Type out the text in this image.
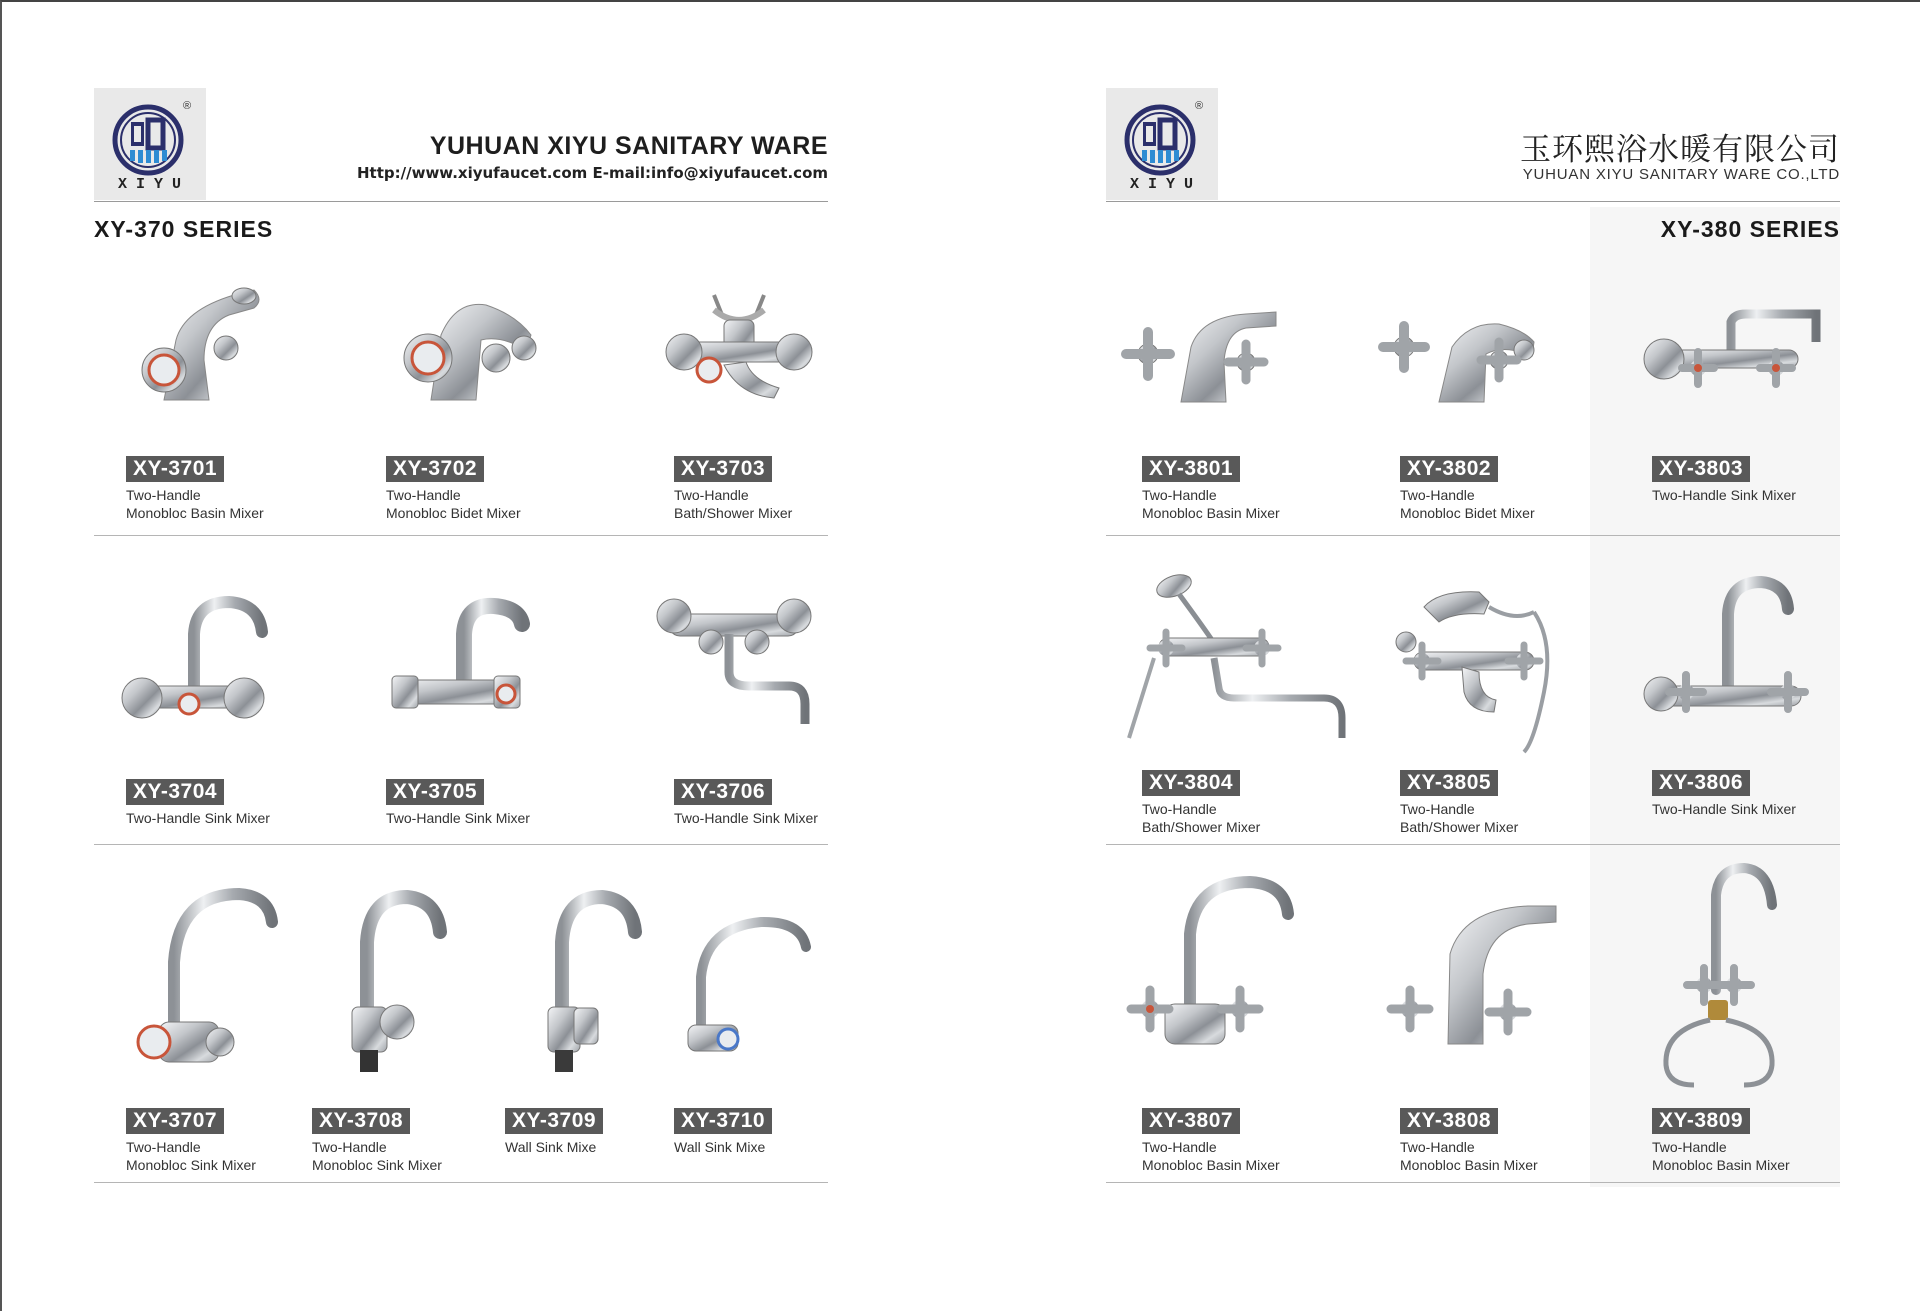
®
XIYU
YUHUAN XIYU SANITARY WARE
Http://www.xiyufaucet.com E-mail:info@xiyufaucet.com
XY-370 SERIES
XY-3701
Two-Handle
Monobloc Basin Mixer
XY-3702
Two-Handle
Monobloc Bidet Mixer
XY-3703
Two-Handle
Bath/Shower Mixer
XY-3704
Two-Handle Sink Mixer
XY-3705
Two-Handle Sink Mixer
XY-3706
Two-Handle Sink Mixer
XY-3707
Two-Handle
Monobloc Sink Mixer
XY-3708
Two-Handle
Monobloc Sink Mixer
XY-3709
Wall Sink Mixe
XY-3710
Wall Sink Mixe
®
XIYU
玉环熙浴水暖有限公司
YUHUAN XIYU SANITARY WARE CO.,LTD
XY-380 SERIES
XY-3801
Two-Handle
Monobloc Basin Mixer
XY-3802
Two-Handle
Monobloc Bidet Mixer
XY-3803
Two-Handle Sink Mixer
XY-3804
Two-Handle
Bath/Shower Mixer
XY-3805
Two-Handle
Bath/Shower Mixer
XY-3806
Two-Handle Sink Mixer
XY-3807
Two-Handle
Monobloc Basin Mixer
XY-3808
Two-Handle
Monobloc Basin Mixer
XY-3809
Two-Handle
Monobloc Basin Mixer
